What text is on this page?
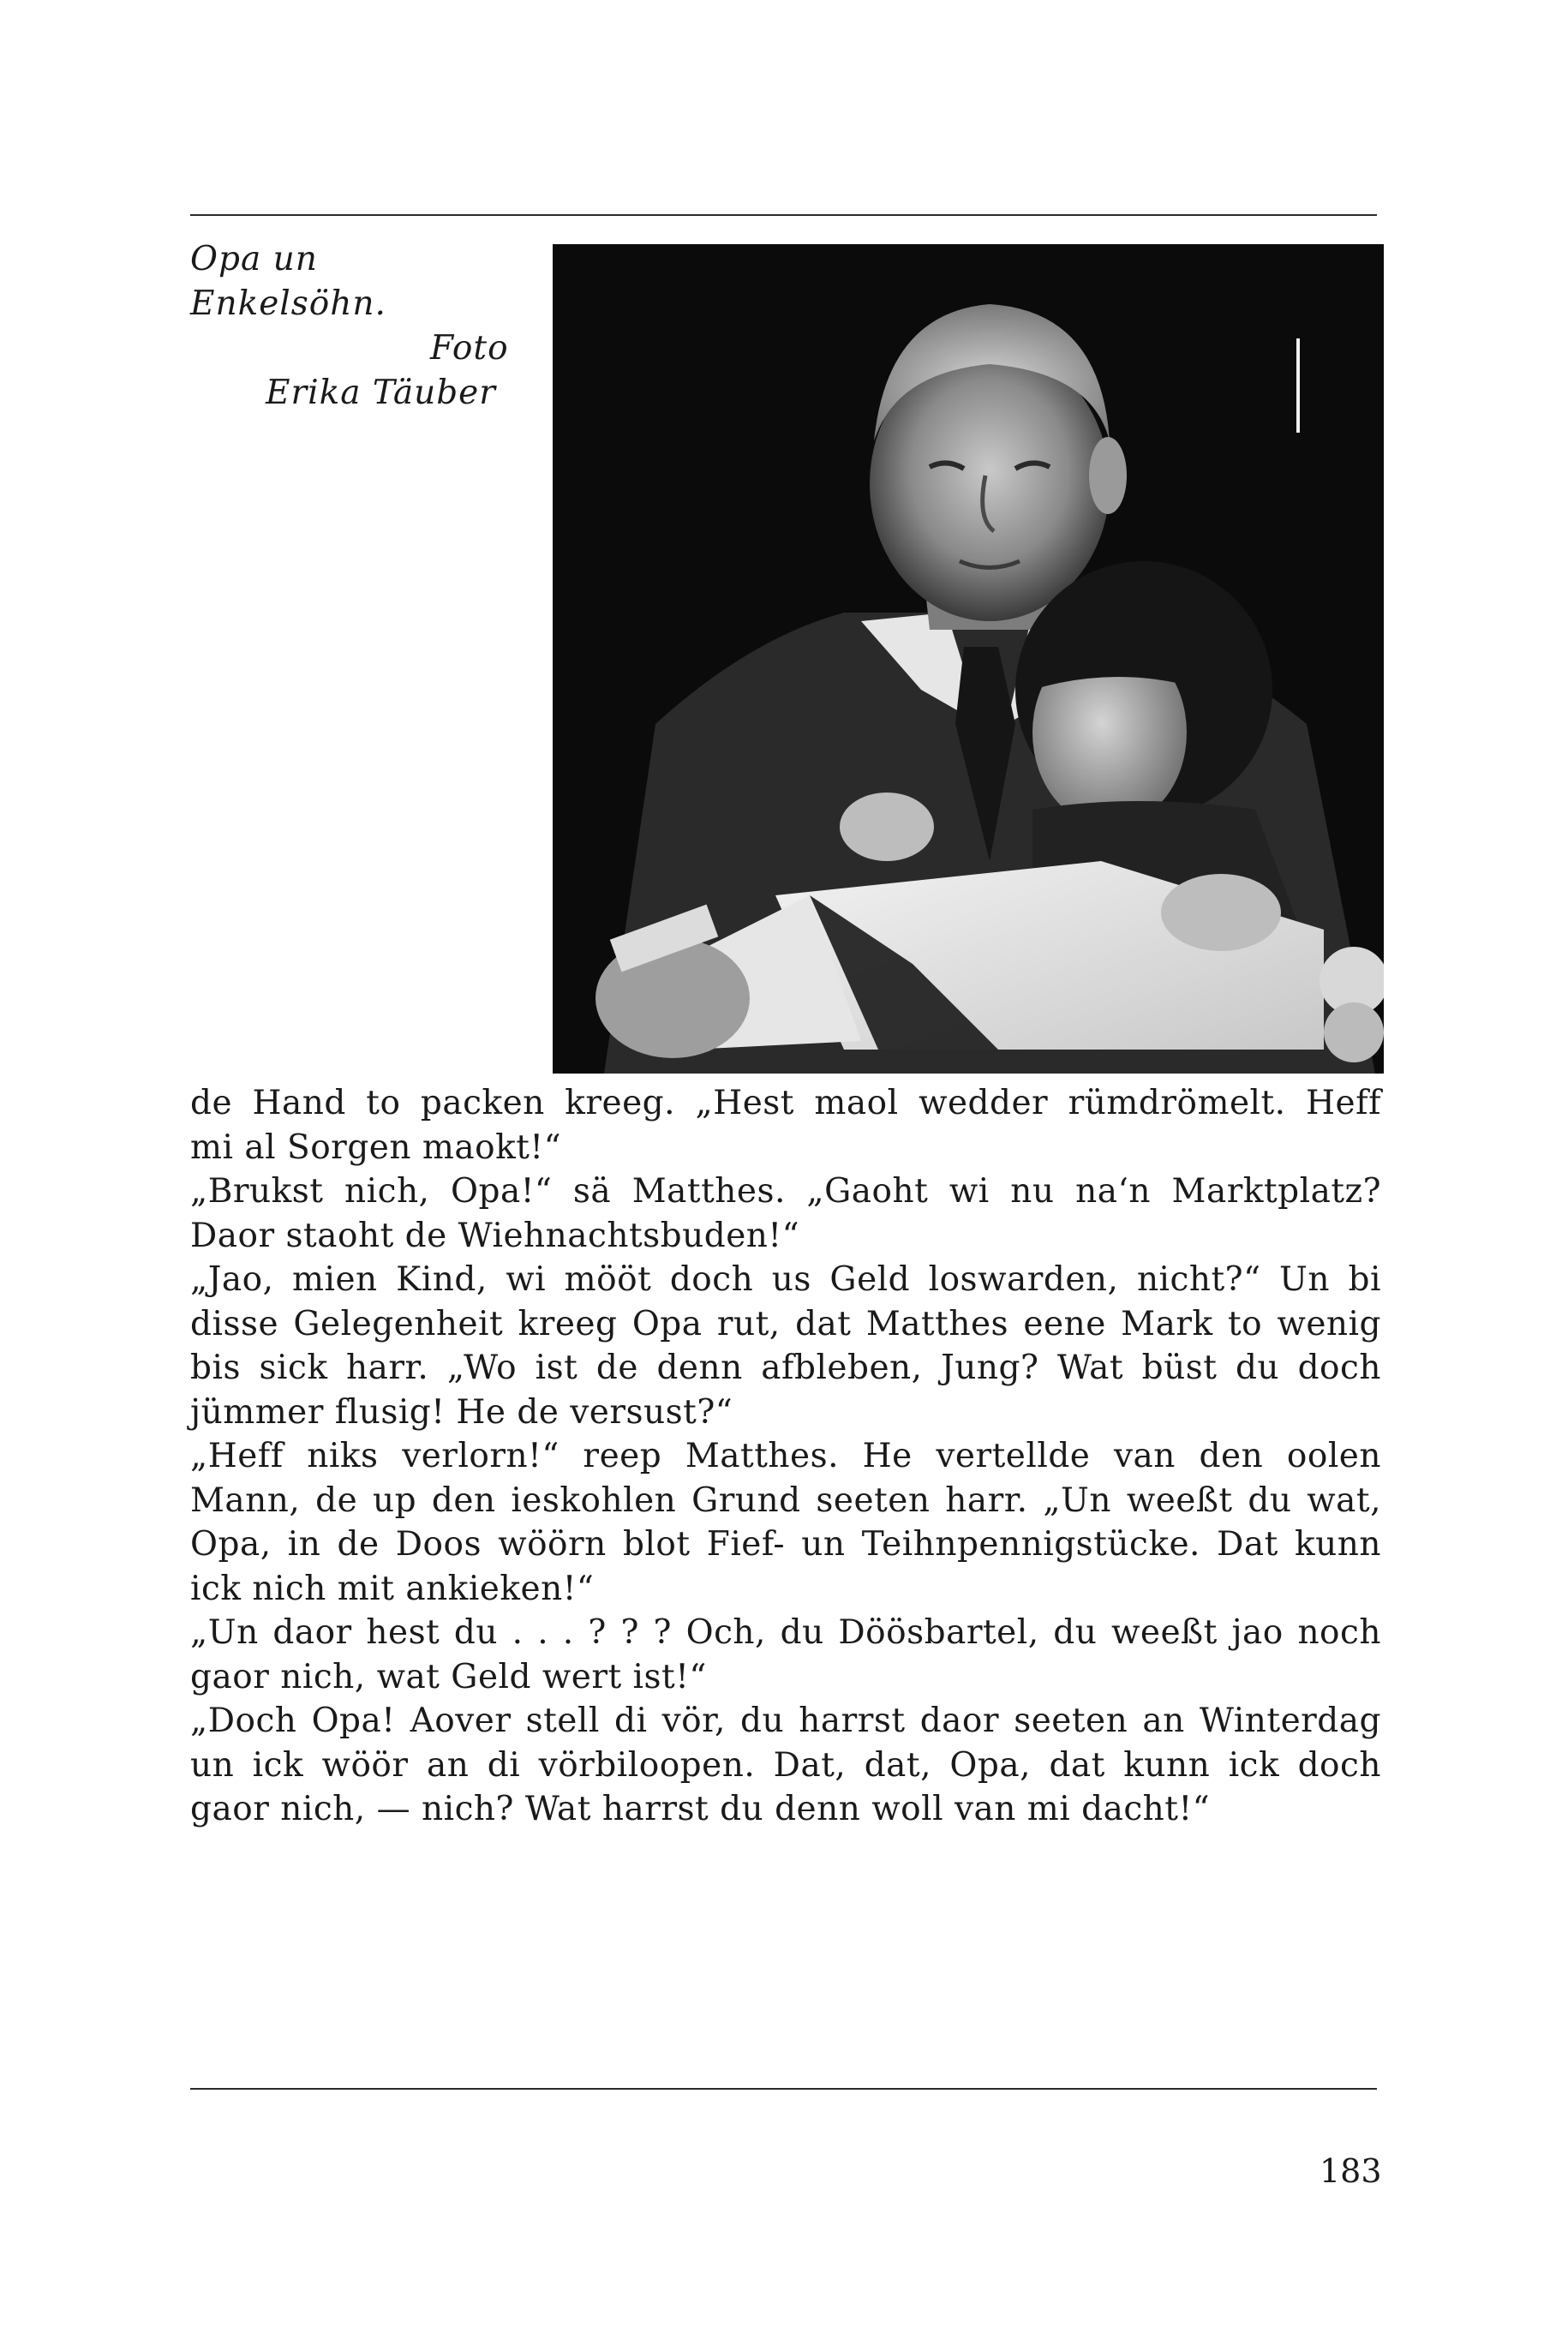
Opa un
Enkelsöhn.
Foto
Erika Täuber
de Hand to packen kreeg. „Hest maol wedder rümdrömelt. Heff
mi al Sorgen maokt!“
„Brukst nich, Opa!“ sä Matthes. „Gaoht wi nu na‘n Marktplatz?
Daor staoht de Wiehnachtsbuden!“
„Jao, mien Kind, wi mööt doch us Geld loswarden, nicht?“ Un bi
disse Gelegenheit kreeg Opa rut, dat Matthes eene Mark to wenig
bis sick harr. „Wo ist de denn afbleben, Jung? Wat büst du doch
jümmer flusig! He de versust?“
„Heff niks verlorn!“ reep Matthes. He vertellde van den oolen
Mann, de up den ieskohlen Grund seeten harr. „Un weeßt du wat,
Opa, in de Doos wöörn blot Fief- un Teihnpennigstücke. Dat kunn
ick nich mit ankieken!“
„Un daor hest du . . . ? ? ? Och, du Döösbartel, du weeßt jao noch
gaor nich, wat Geld wert ist!“
„Doch Opa! Aover stell di vör, du harrst daor seeten an Winterdag
un ick wöör an di vörbiloopen. Dat, dat, Opa, dat kunn ick doch
gaor nich, — nich? Wat harrst du denn woll van mi dacht!“
183
